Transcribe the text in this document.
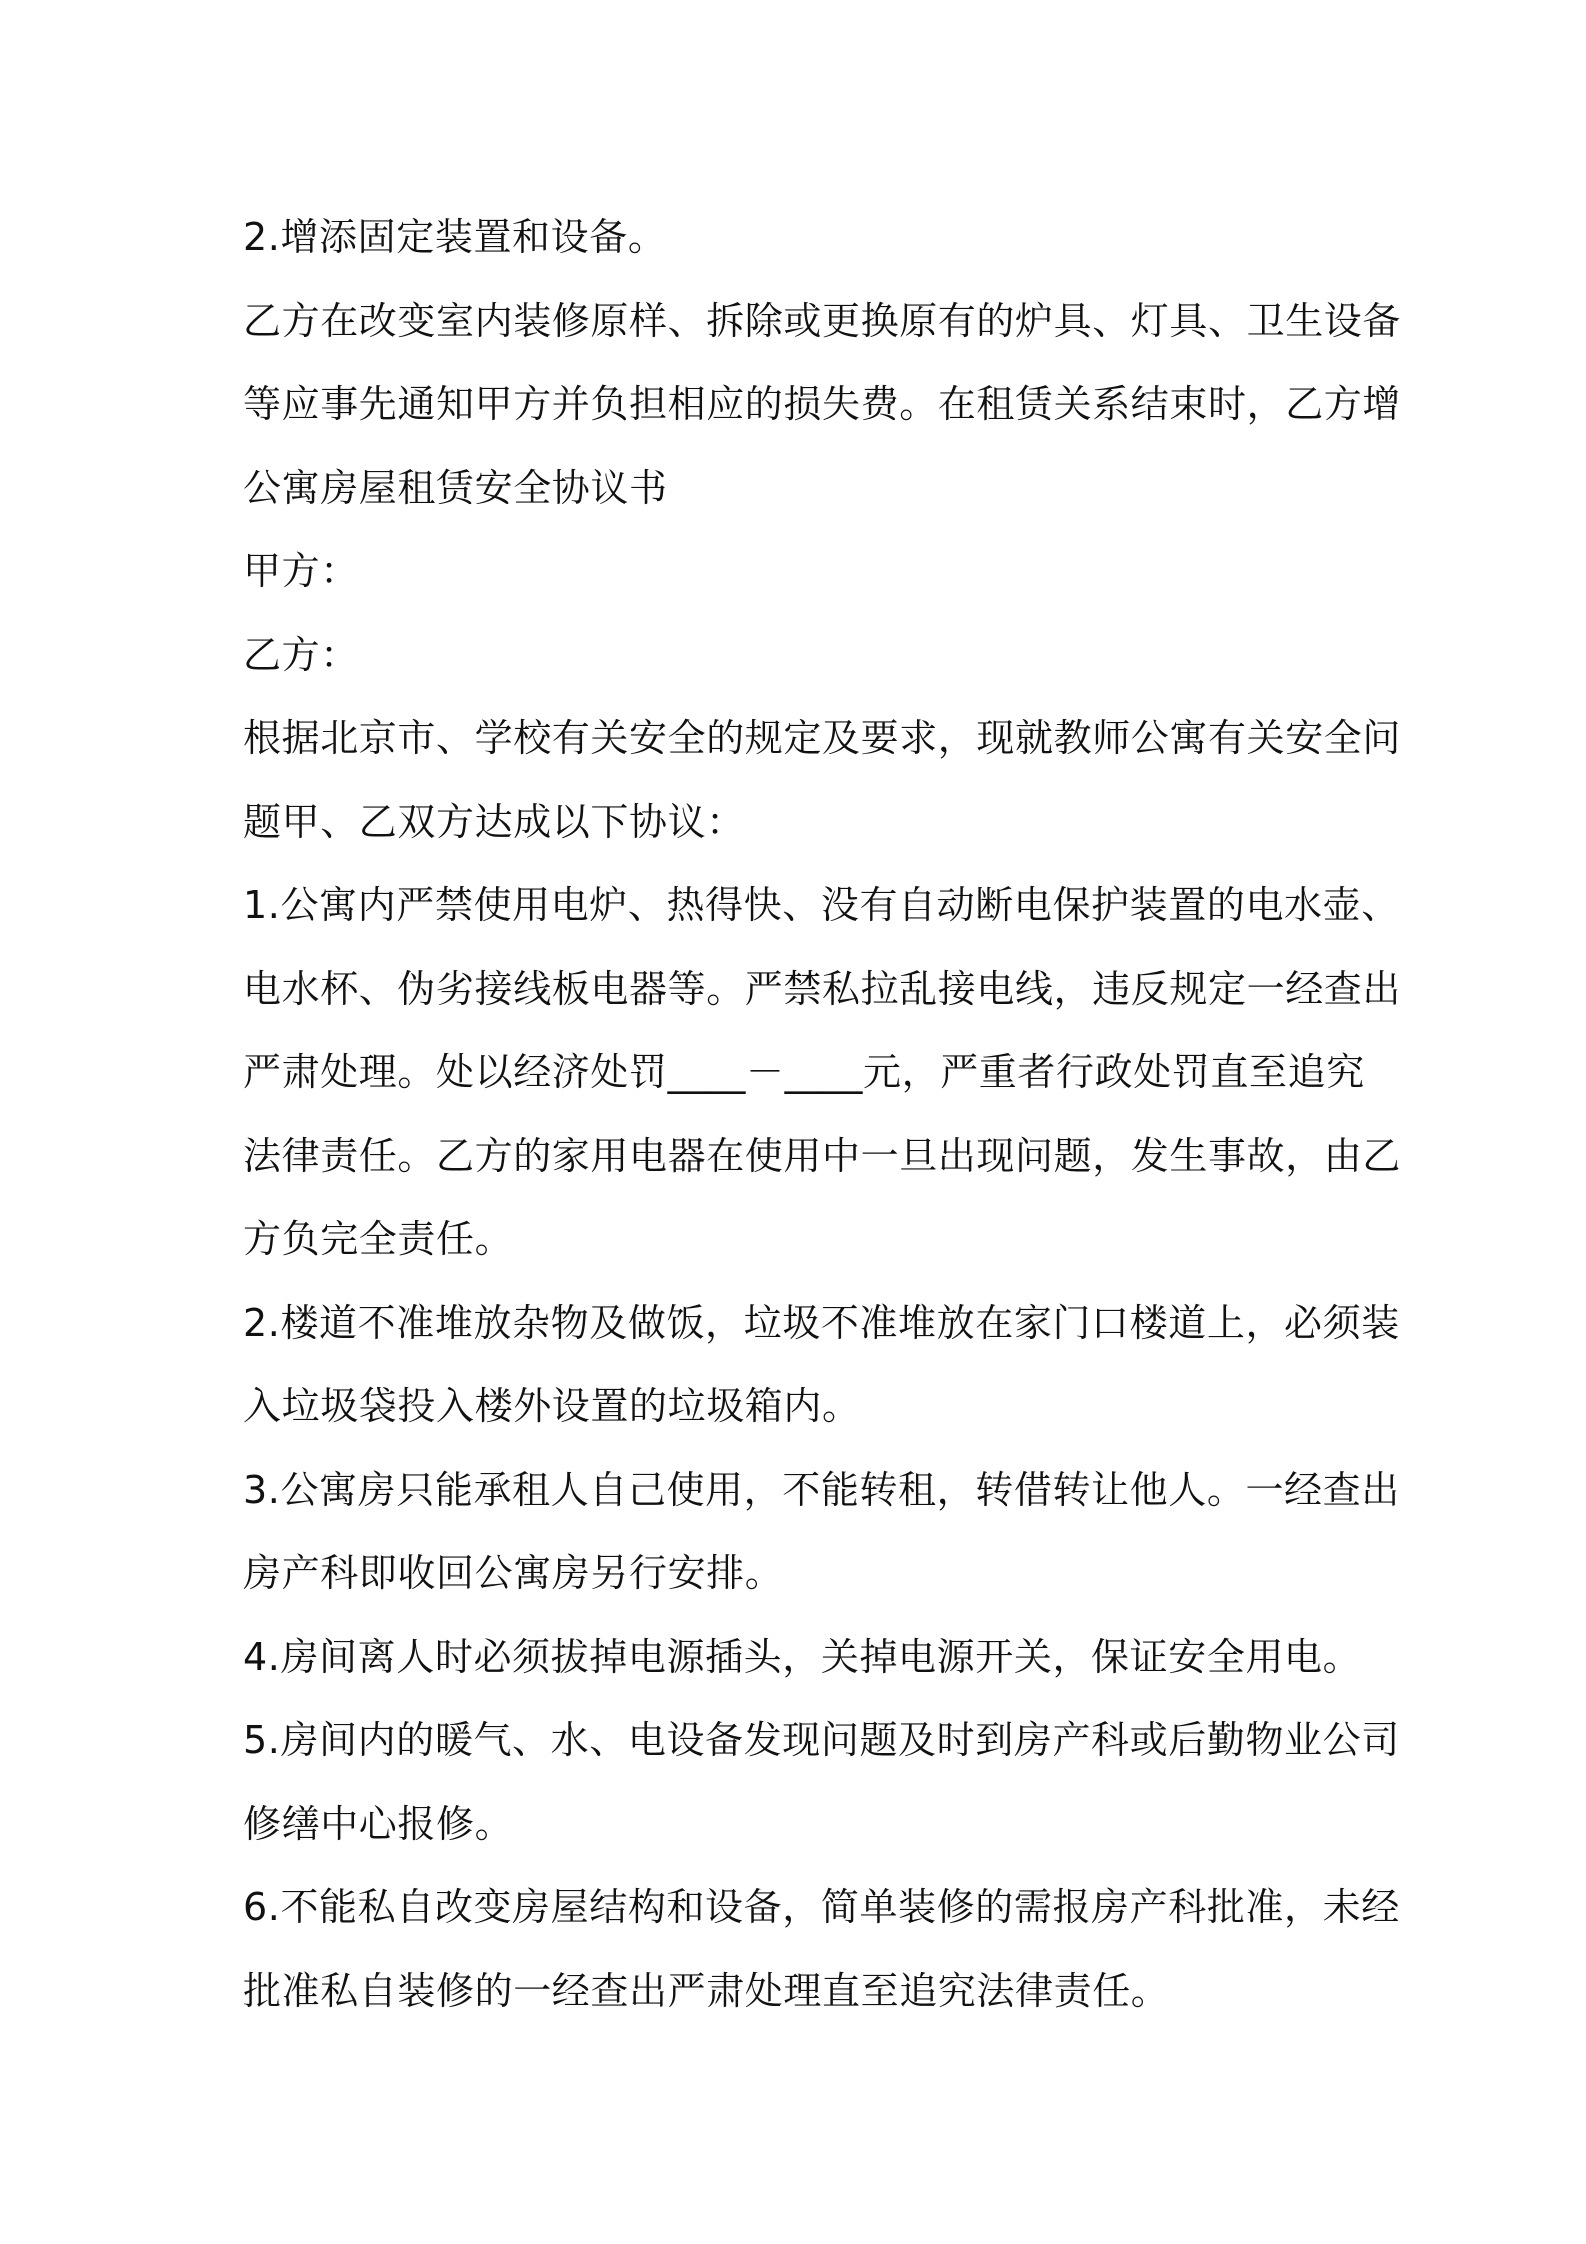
2.增添固定装置和设备。
乙方在改变室内装修原样、拆除或更换原有的炉具、灯具、卫生设备
等应事先通知甲方并负担相应的损失费。在租赁关系结束时，乙方增
公寓房屋租赁安全协议书
甲方：
乙方：
根据北京市、学校有关安全的规定及要求，现就教师公寓有关安全问
题甲、乙双方达成以下协议：
1.公寓内严禁使用电炉、热得快、没有自动断电保护装置的电水壶、
电水杯、伪劣接线板电器等。严禁私拉乱接电线，违反规定一经查出
严肃处理。处以经济处罚____－____元，严重者行政处罚直至追究
法律责任。乙方的家用电器在使用中一旦出现问题，发生事故，由乙
方负完全责任。
2.楼道不准堆放杂物及做饭，垃圾不准堆放在家门口楼道上，必须装
入垃圾袋投入楼外设置的垃圾箱内。
3.公寓房只能承租人自己使用，不能转租，转借转让他人。一经查出
房产科即收回公寓房另行安排。
4.房间离人时必须拔掉电源插头，关掉电源开关，保证安全用电。
5.房间内的暖气、水、电设备发现问题及时到房产科或后勤物业公司
修缮中心报修。
6.不能私自改变房屋结构和设备，简单装修的需报房产科批准，未经
批准私自装修的一经查出严肃处理直至追究法律责任。
